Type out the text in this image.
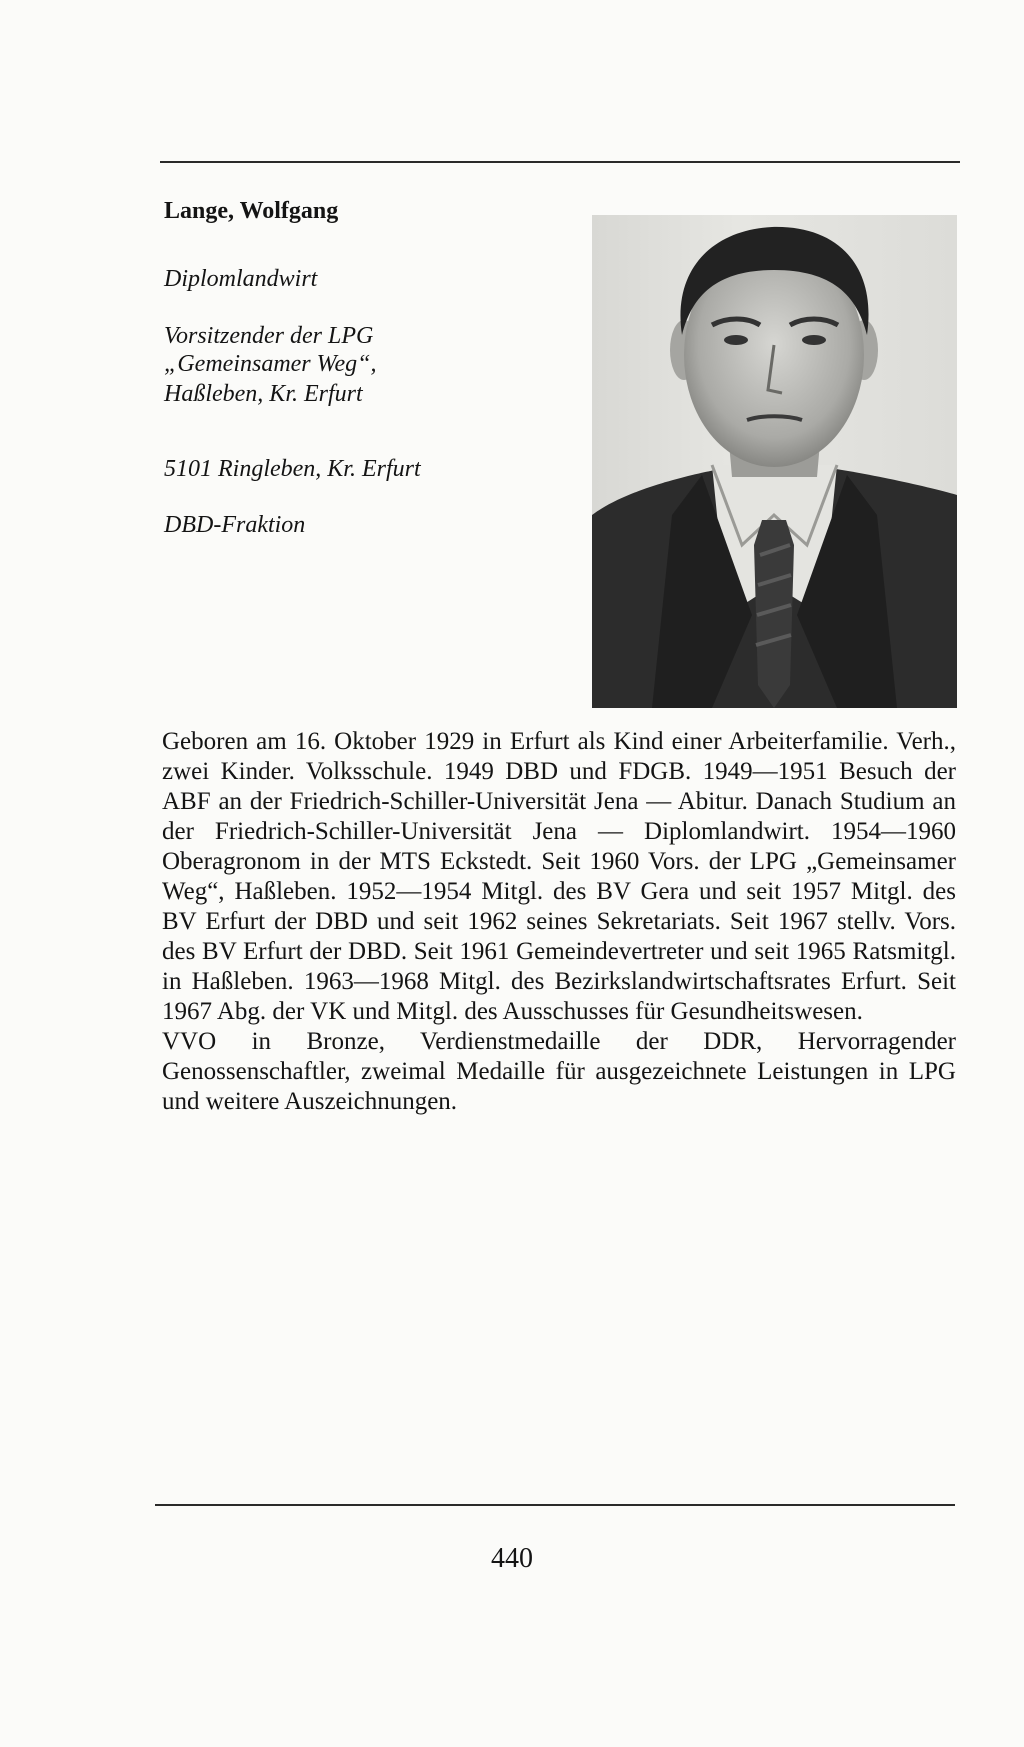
Lange, Wolfgang
Diplomlandwirt
Vorsitzender der LPG
„Gemeinsamer Weg“,
Haßleben, Kr. Erfurt
5101 Ringleben, Kr. Erfurt
DBD-Fraktion

Geboren am 16. Oktober 1929 in Erfurt als Kind einer Arbeiterfamilie. Verh., zwei Kinder. Volksschule. 1949 DBD und FDGB. 1949—1951 Besuch der ABF an der Friedrich-Schiller-Universität Jena — Abitur. Danach Studium an der Friedrich-Schiller-Universität Jena — Diplomlandwirt. 1954—1960 Oberagronom in der MTS Eckstedt. Seit 1960 Vors. der LPG „Gemeinsamer Weg“, Haßleben. 1952—1954 Mitgl. des BV Gera und seit 1957 Mitgl. des BV Erfurt der DBD und seit 1962 seines Sekretariats. Seit 1967 stellv. Vors. des BV Erfurt der DBD. Seit 1961 Gemeindevertreter und seit 1965 Ratsmitgl. in Haßleben. 1963—1968 Mitgl. des Bezirkslandwirtschaftsrates Erfurt. Seit 1967 Abg. der VK und Mitgl. des Ausschusses für Gesundheitswesen.

VVO in Bronze, Verdienstmedaille der DDR, Hervorragender Genossenschaftler, zweimal Medaille für ausgezeichnete Leistungen in LPG und weitere Auszeichnungen.

440
